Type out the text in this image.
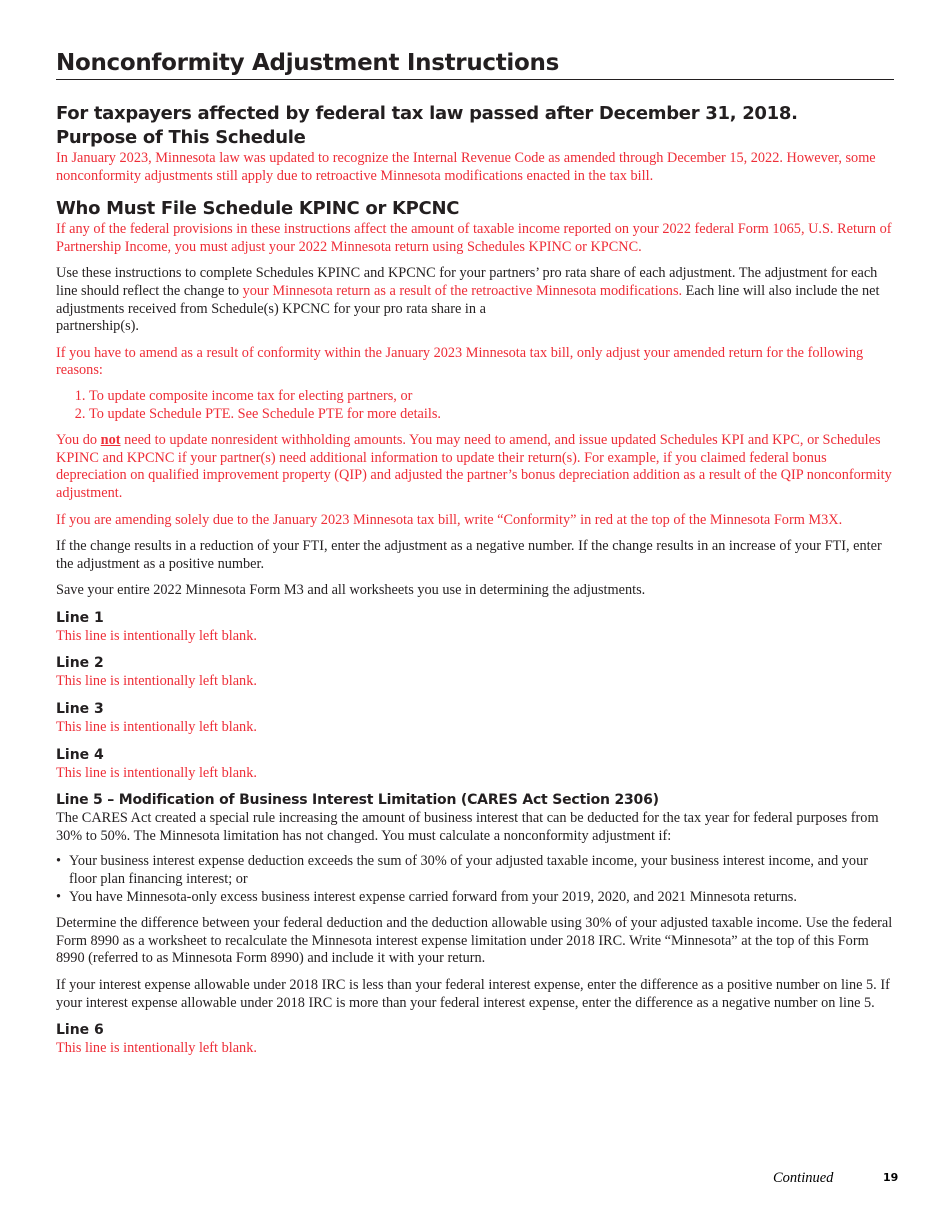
Nonconformity Adjustment Instructions
For taxpayers affected by federal tax law passed after December 31, 2018.
Purpose of This Schedule

In January 2023, Minnesota law was updated to recognize the Internal Revenue Code as amended through December 15, 2022. However, some nonconformity adjustments still apply due to retroactive Minnesota modifications enacted in the tax bill.

Who Must File Schedule KPINC or KPCNC

If any of the federal provisions in these instructions affect the amount of taxable income reported on your 2022 federal Form 1065, U.S. Return of Partnership Income, you must adjust your 2022 Minnesota return using Schedules KPINC or KPCNC.

Use these instructions to complete Schedules KPINC and KPCNC for your partners’ pro rata share of each adjustment. The adjustment for each line should reflect the change to your Minnesota return as a result of the retroactive Minnesota modifications. Each line will also include the net adjustments received from Schedule(s) KPCNC for your pro rata share in a
partnership(s).

If you have to amend as a result of conformity within the January 2023 Minnesota tax bill, only adjust your amended return for the following reasons:

1. To update composite income tax for electing partners, or
2. To update Schedule PTE. See Schedule PTE for more details.

You do not need to update nonresident withholding amounts. You may need to amend, and issue updated Schedules KPI and KPC, or Schedules KPINC and KPCNC if your partner(s) need additional information to update their return(s). For example, if you claimed federal bonus depreciation on qualified improvement property (QIP) and adjusted the partner’s bonus depreciation addition as a result of the QIP nonconformity adjustment.

If you are amending solely due to the January 2023 Minnesota tax bill, write “Conformity” in red at the top of the Minnesota Form M3X.

If the change results in a reduction of your FTI, enter the adjustment as a negative number. If the change results in an increase of your FTI, enter the adjustment as a positive number.

Save your entire 2022 Minnesota Form M3 and all worksheets you use in determining the adjustments.

Line 1

This line is intentionally left blank.

Line 2

This line is intentionally left blank.

Line 3

This line is intentionally left blank.

Line 4

This line is intentionally left blank.

Line 5 – Modification of Business Interest Limitation (CARES Act Section 2306)

The CARES Act created a special rule increasing the amount of business interest that can be deducted for the tax year for federal purposes from 30% to 50%. The Minnesota limitation has not changed. You must calculate a nonconformity adjustment if:

• Your business interest expense deduction exceeds the sum of 30% of your adjusted taxable income, your business interest income, and your floor plan financing interest; or
• You have Minnesota-only excess business interest expense carried forward from your 2019, 2020, and 2021 Minnesota returns.

Determine the difference between your federal deduction and the deduction allowable using 30% of your adjusted taxable income. Use the federal Form 8990 as a worksheet to recalculate the Minnesota interest expense limitation under 2018 IRC. Write “Minnesota” at the top of this Form 8990 (referred to as Minnesota Form 8990) and include it with your return.

If your interest expense allowable under 2018 IRC is less than your federal interest expense, enter the difference as a positive number on line 5. If your interest expense allowable under 2018 IRC is more than your federal interest expense, enter the difference as a negative number on line 5.

Line 6

This line is intentionally left blank.

Continued	19
